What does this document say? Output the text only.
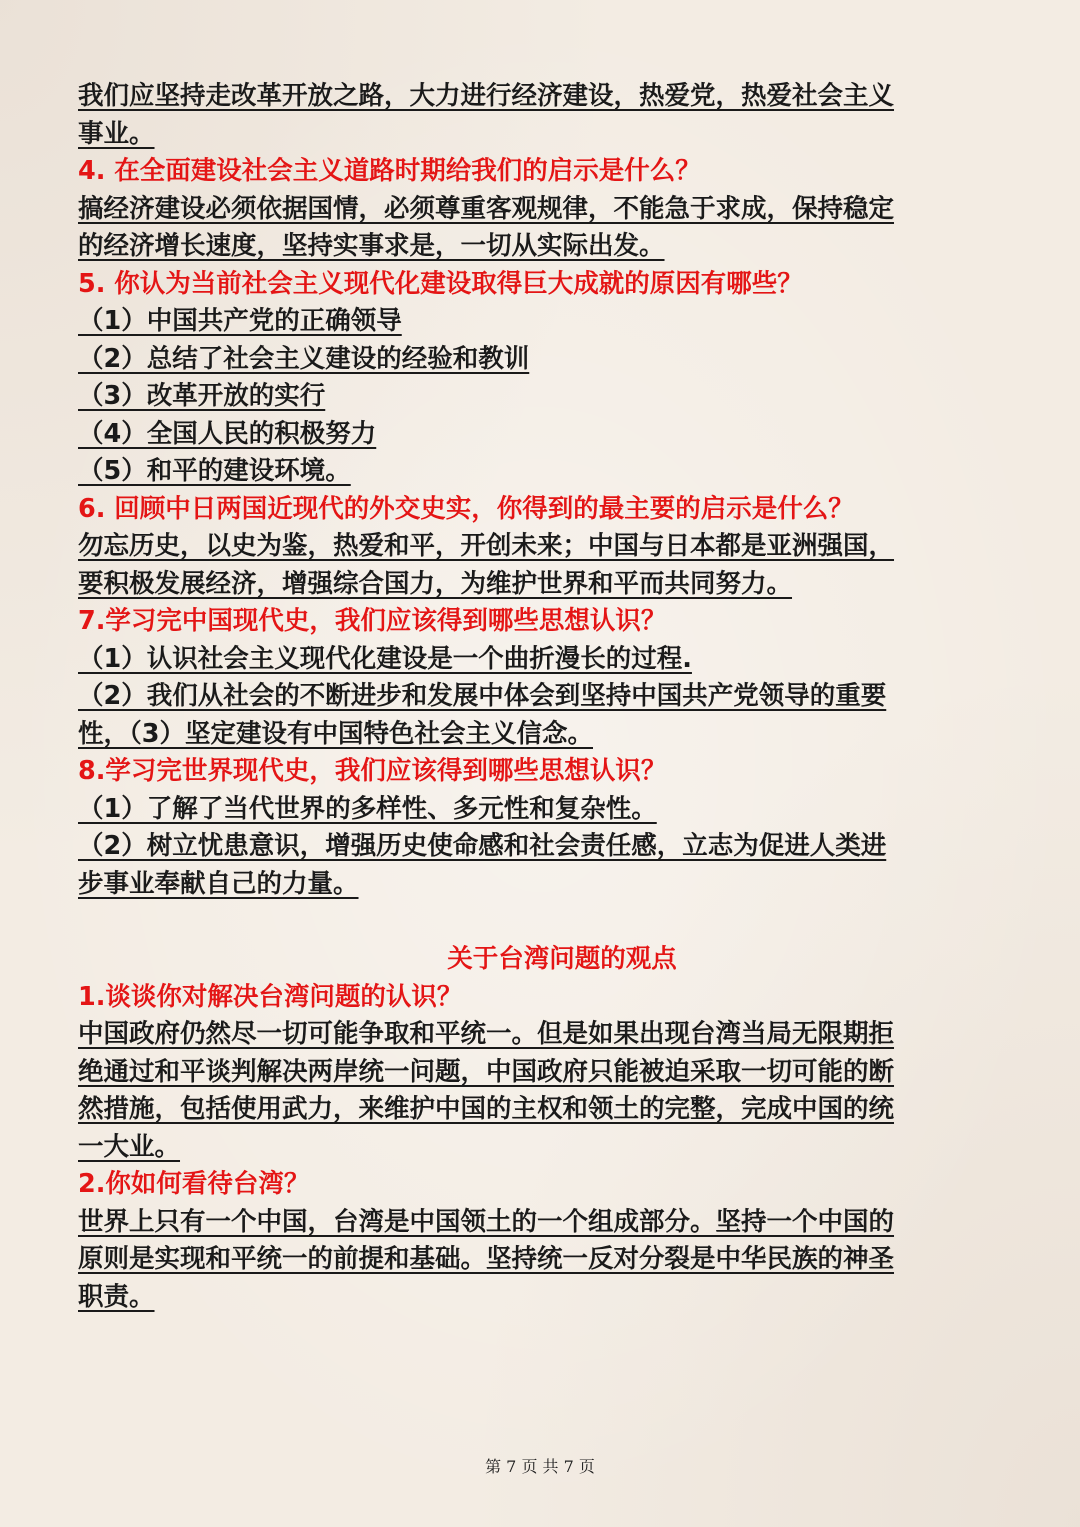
我们应坚持走改革开放之路，大力进行经济建设，热爱党，热爱社会主义
事业。
4. 在全面建设社会主义道路时期给我们的启示是什么？
搞经济建设必须依据国情，必须尊重客观规律，不能急于求成，保持稳定
的经济增长速度，坚持实事求是，一切从实际出发。
5. 你认为当前社会主义现代化建设取得巨大成就的原因有哪些？
（1）中国共产党的正确领导
（2）总结了社会主义建设的经验和教训
（3）改革开放的实行
（4）全国人民的积极努力
（5）和平的建设环境。
6. 回顾中日两国近现代的外交史实，你得到的最主要的启示是什么？
勿忘历史，以史为鉴，热爱和平，开创未来；中国与日本都是亚洲强国，
要积极发展经济，增强综合国力，为维护世界和平而共同努力。
7.学习完中国现代史，我们应该得到哪些思想认识？
（1）认识社会主义现代化建设是一个曲折漫长的过程.
（2）我们从社会的不断进步和发展中体会到坚持中国共产党领导的重要
性，（3）坚定建设有中国特色社会主义信念。
8.学习完世界现代史，我们应该得到哪些思想认识？
（1）了解了当代世界的多样性、多元性和复杂性。
（2）树立忧患意识，增强历史使命感和社会责任感，立志为促进人类进
步事业奉献自己的力量。
关于台湾问题的观点
1.谈谈你对解决台湾问题的认识？
中国政府仍然尽一切可能争取和平统一。但是如果出现台湾当局无限期拒
绝通过和平谈判解决两岸统一问题，中国政府只能被迫采取一切可能的断
然措施，包括使用武力，来维护中国的主权和领土的完整，完成中国的统
一大业。
2.你如何看待台湾？
世界上只有一个中国，台湾是中国领土的一个组成部分。坚持一个中国的
原则是实现和平统一的前提和基础。坚持统一反对分裂是中华民族的神圣
职责。
第 7 页 共 7 页
